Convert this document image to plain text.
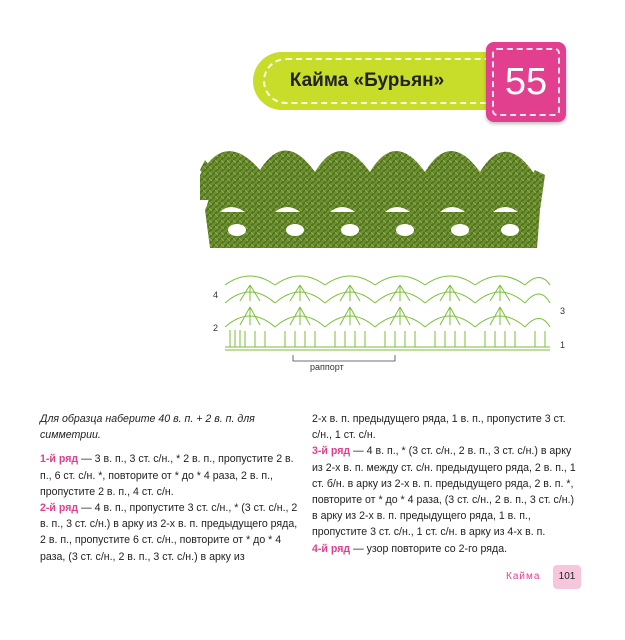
Кайма «Бурьян»	55
4
2
3
1
раппорт

Для образца наберите 40 в. п. + 2 в. п. для симметрии.

1-й ряд — 3 в. п., 3 ст. с/н., * 2 в. п., пропустите 2 в. п., 6 ст. с/н. *, повторите от * до * 4 раза, 2 в. п., пропустите 2 в. п., 4 ст. с/н.

2-й ряд — 4 в. п., пропустите 3 ст. с/н., * (3 ст. с/н., 2 в. п., 3 ст. с/н.) в арку из 2-х в. п. предыдущего ряда, 2 в. п., пропустите 6 ст. с/н., повторите от * до * 4 раза, (3 ст. с/н., 2 в. п., 3 ст. с/н.) в арку из

2-х в. п. предыдущего ряда, 1 в. п., пропустите 3 ст. с/н., 1 ст. с/н.

3-й ряд — 4 в. п., * (3 ст. с/н., 2 в. п., 3 ст. с/н.) в арку из 2-х в. п. между ст. с/н. предыдущего ряда, 2 в. п., 1 ст. б/н. в арку из 2-х в. п. предыдущего ряда, 2 в. п. *, повторите от * до * 4 раза, (3 ст. с/н., 2 в. п., 3 ст. с/н.) в арку из 2-х в. п. предыдущего ряда, 1 в. п., пропустите 3 ст. с/н., 1 ст. с/н. в арку из 4-х в. п.

4-й ряд — узор повторите со 2-го ряда.

Кайма	101
